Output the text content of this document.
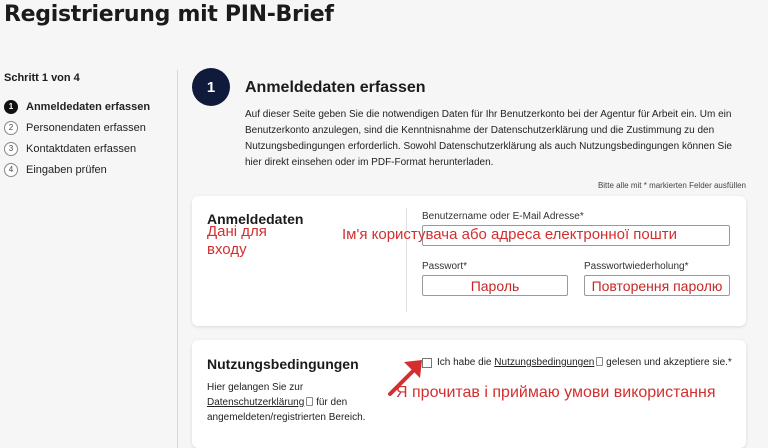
Registrierung mit PIN-Brief
Schritt 1 von 4
1	Anmeldedaten erfassen
2	Personendaten erfassen
3	Kontaktdaten erfassen
4	Eingaben prüfen
1	Anmeldedaten erfassen
Auf dieser Seite geben Sie die notwendigen Daten für Ihr Benutzerkonto bei der Agentur für Arbeit ein. Um ein Benutzerkonto anzulegen, sind die Kenntnisnahme der Datenschutzerklärung und die Zustimmung zu den Nutzungsbedingungen erforderlich. Sowohl Datenschutzerklärung als auch Nutzungsbedingungen können Sie hier direkt einsehen oder im PDF-Format herunterladen.
Bitte alle mit * markierten Felder ausfüllen
Anmeldedaten
Дані для
входу
Benutzername oder E-Mail Adresse*
Ім'я користувача або адреса електронної пошти
Passwort*
Пароль
Passwortwiederholung*
Повторення паролю
Nutzungsbedingungen
Hier gelangen Sie zur
Datenschutzerklärung für den angemeldeten/registrierten Bereich.
Ich habe die Nutzungsbedingungen gelesen und akzeptiere sie.*
Я прочитав і приймаю умови використання
